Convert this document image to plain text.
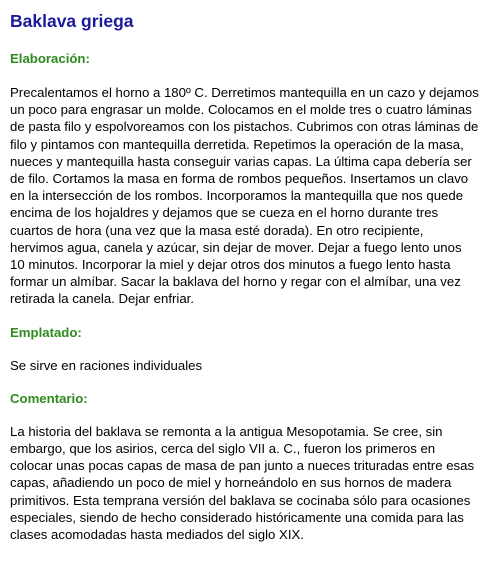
Baklava griega
Elaboración:

Precalentamos el horno a 180º C. Derretimos mantequilla en un cazo y dejamos un poco para engrasar un molde. Colocamos en el molde tres o cuatro láminas de pasta filo y espolvoreamos con los pistachos. Cubrimos con otras láminas de filo y pintamos con mantequilla derretida. Repetimos la operación de la masa, nueces y mantequilla hasta conseguir varias capas. La última capa debería ser de filo. Cortamos la masa en forma de rombos pequeños. Insertamos un clavo en la intersección de los rombos. Incorporamos la mantequilla que nos quede encima de los hojaldres y dejamos que se cueza en el horno durante tres cuartos de hora (una vez que la masa esté dorada). En otro recipiente, hervimos agua, canela y azúcar, sin dejar de mover. Dejar a fuego lento unos 10 minutos. Incorporar la miel y dejar otros dos minutos a fuego lento hasta formar un almíbar. Sacar la baklava del horno y regar con el almíbar, una vez retirada la canela. Dejar enfriar.

Emplatado:

Se sirve en raciones individuales

Comentario:

La historia del baklava se remonta a la antigua Mesopotamia. Se cree, sin embargo, que los asirios, cerca del siglo VII a. C., fueron los primeros en colocar unas pocas capas de masa de pan junto a nueces trituradas entre esas capas, añadiendo un poco de miel y horneándolo en sus hornos de madera primitivos. Esta temprana versión del baklava se cocinaba sólo para ocasiones especiales, siendo de hecho considerado históricamente una comida para las clases acomodadas hasta mediados del siglo XIX.
